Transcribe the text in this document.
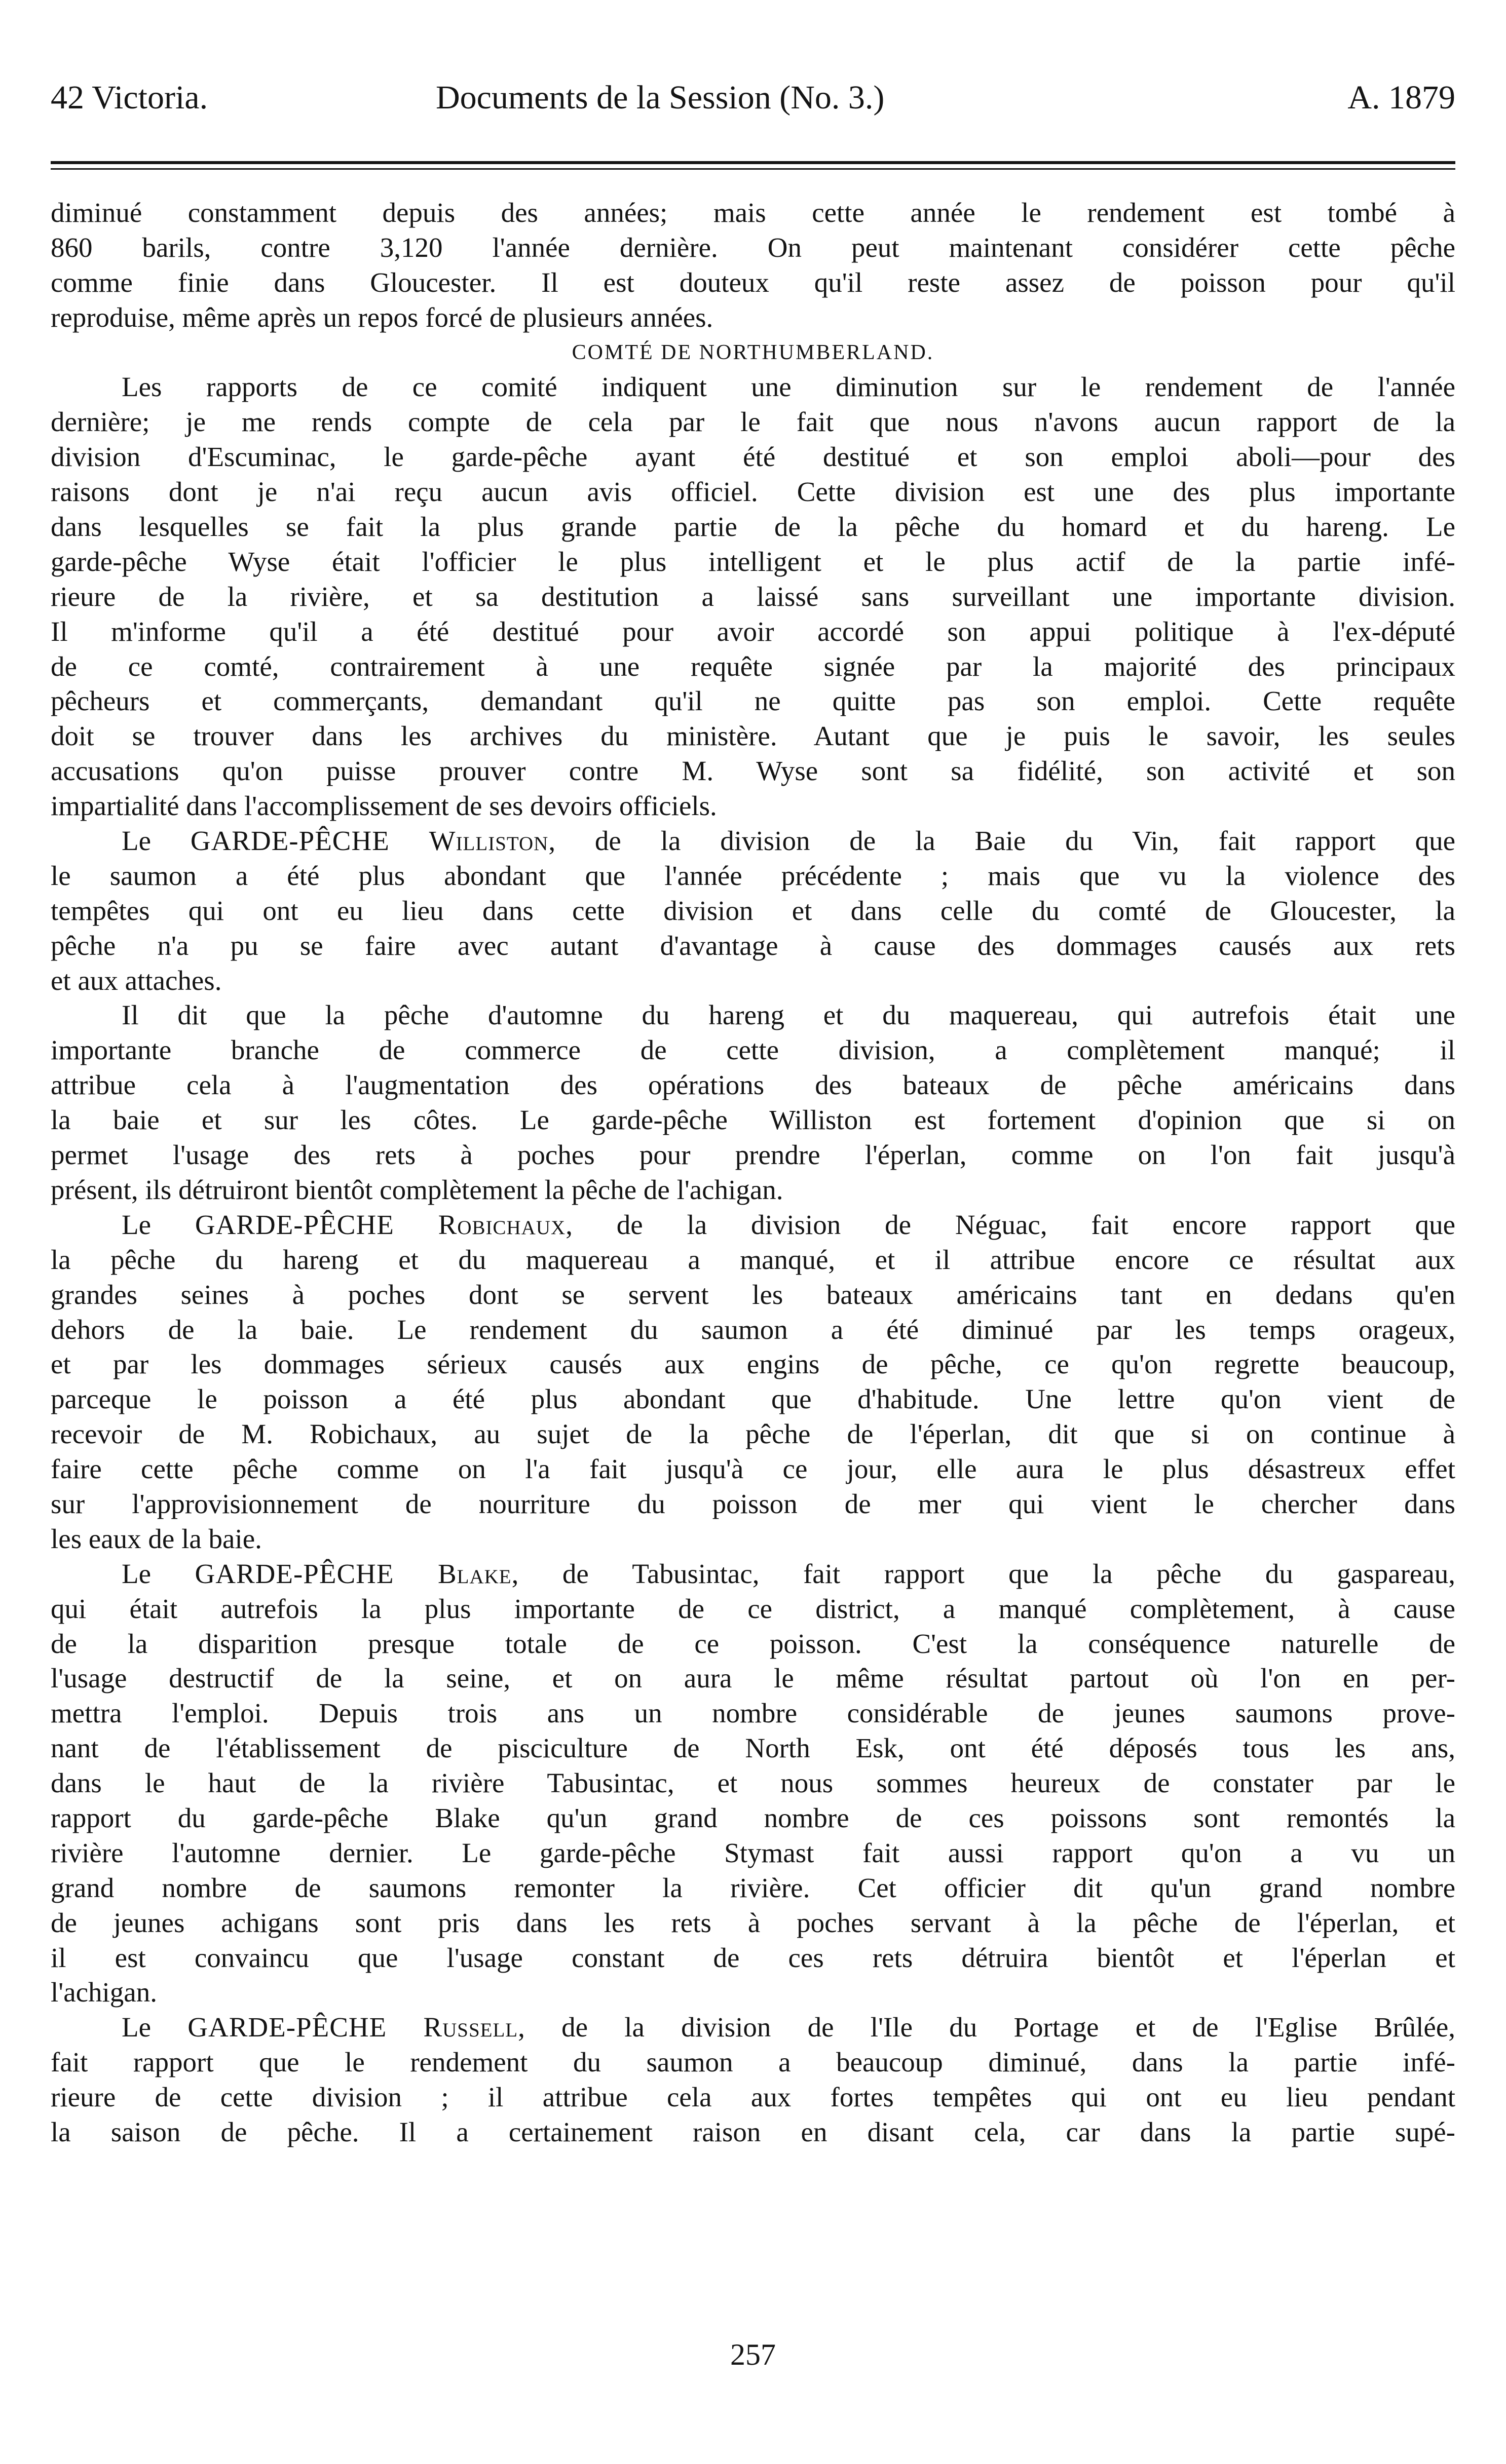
42 Victoria.	Documents de la Session (No. 3.)	A. 1879
diminué constamment depuis des années; mais cette année le rendement est tombé à
860 barils, contre 3,120 l'année dernière. On peut maintenant considérer cette pêche
comme finie dans Gloucester. Il est douteux qu'il reste assez de poisson pour qu'il
reproduise, même après un repos forcé de plusieurs années.
COMTÉ DE NORTHUMBERLAND.
Les rapports de ce comité indiquent une diminution sur le rendement de l'année
dernière; je me rends compte de cela par le fait que nous n'avons aucun rapport de la
division d'Escuminac, le garde-pêche ayant été destitué et son emploi aboli—pour des
raisons dont je n'ai reçu aucun avis officiel. Cette division est une des plus importante
dans lesquelles se fait la plus grande partie de la pêche du homard et du hareng. Le
garde-pêche Wyse était l'officier le plus intelligent et le plus actif de la partie infé-
rieure de la rivière, et sa destitution a laissé sans surveillant une importante division.
Il m'informe qu'il a été destitué pour avoir accordé son appui politique à l'ex-député
de ce comté, contrairement à une requête signée par la majorité des principaux
pêcheurs et commerçants, demandant qu'il ne quitte pas son emploi. Cette requête
doit se trouver dans les archives du ministère. Autant que je puis le savoir, les seules
accusations qu'on puisse prouver contre M. Wyse sont sa fidélité, son activité et son
impartialité dans l'accomplissement de ses devoirs officiels.
Le GARDE-PÊCHE Williston, de la division de la Baie du Vin, fait rapport que
le saumon a été plus abondant que l'année précédente ; mais que vu la violence des
tempêtes qui ont eu lieu dans cette division et dans celle du comté de Gloucester, la
pêche n'a pu se faire avec autant d'avantage à cause des dommages causés aux rets
et aux attaches.
Il dit que la pêche d'automne du hareng et du maquereau, qui autrefois était une
importante branche de commerce de cette division, a complètement manqué; il
attribue cela à l'augmentation des opérations des bateaux de pêche américains dans
la baie et sur les côtes. Le garde-pêche Williston est fortement d'opinion que si on
permet l'usage des rets à poches pour prendre l'éperlan, comme on l'on fait jusqu'à
présent, ils détruiront bientôt complètement la pêche de l'achigan.
Le GARDE-PÊCHE Robichaux, de la division de Néguac, fait encore rapport que
la pêche du hareng et du maquereau a manqué, et il attribue encore ce résultat aux
grandes seines à poches dont se servent les bateaux américains tant en dedans qu'en
dehors de la baie. Le rendement du saumon a été diminué par les temps orageux,
et par les dommages sérieux causés aux engins de pêche, ce qu'on regrette beaucoup,
parceque le poisson a été plus abondant que d'habitude. Une lettre qu'on vient de
recevoir de M. Robichaux, au sujet de la pêche de l'éperlan, dit que si on continue à
faire cette pêche comme on l'a fait jusqu'à ce jour, elle aura le plus désastreux effet
sur l'approvisionnement de nourriture du poisson de mer qui vient le chercher dans
les eaux de la baie.
Le GARDE-PÊCHE Blake, de Tabusintac, fait rapport que la pêche du gaspareau,
qui était autrefois la plus importante de ce district, a manqué complètement, à cause
de la disparition presque totale de ce poisson. C'est la conséquence naturelle de
l'usage destructif de la seine, et on aura le même résultat partout où l'on en per-
mettra l'emploi. Depuis trois ans un nombre considérable de jeunes saumons prove-
nant de l'établissement de pisciculture de North Esk, ont été déposés tous les ans,
dans le haut de la rivière Tabusintac, et nous sommes heureux de constater par le
rapport du garde-pêche Blake qu'un grand nombre de ces poissons sont remontés la
rivière l'automne dernier. Le garde-pêche Stymast fait aussi rapport qu'on a vu un
grand nombre de saumons remonter la rivière. Cet officier dit qu'un grand nombre
de jeunes achigans sont pris dans les rets à poches servant à la pêche de l'éperlan, et
il est convaincu que l'usage constant de ces rets détruira bientôt et l'éperlan et
l'achigan.
Le GARDE-PÊCHE Russell, de la division de l'Ile du Portage et de l'Eglise Brûlée,
fait rapport que le rendement du saumon a beaucoup diminué, dans la partie infé-
rieure de cette division ; il attribue cela aux fortes tempêtes qui ont eu lieu pendant
la saison de pêche. Il a certainement raison en disant cela, car dans la partie supé-
257
